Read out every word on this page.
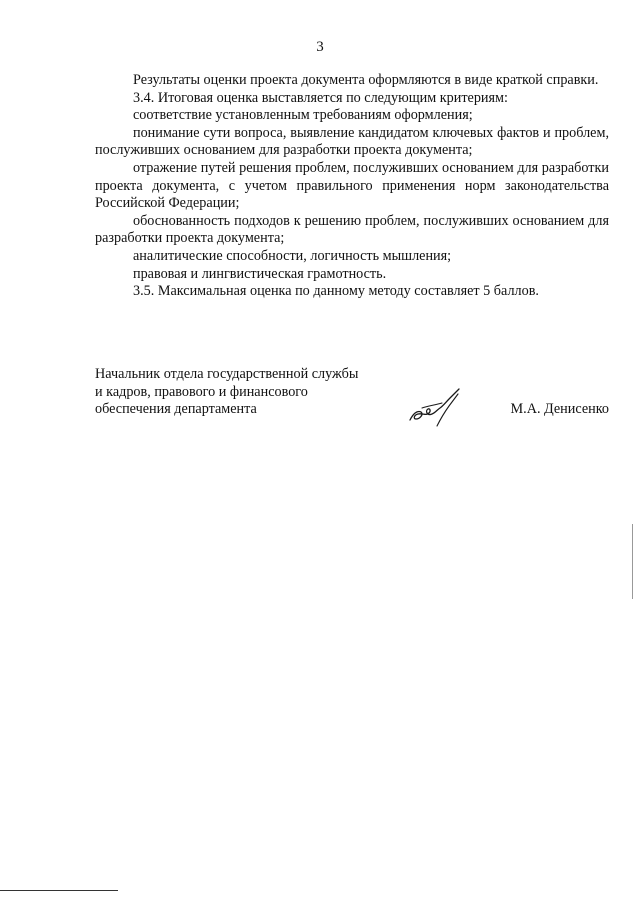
3

Результаты оценки проекта документа оформляются в виде краткой справки.

3.4. Итоговая оценка выставляется по следующим критериям:

соответствие установленным требованиям оформления;

понимание сути вопроса, выявление кандидатом ключевых фактов и проблем, послуживших основанием для разработки проекта документа;

отражение путей решения проблем, послуживших основанием для разработки проекта документа, с учетом правильного применения норм законодательства Российской Федерации;

обоснованность подходов к решению проблем, послуживших основанием для разработки проекта документа;

аналитические способности, логичность мышления;

правовая и лингвистическая грамотность.

3.5. Максимальная оценка по данному методу составляет 5 баллов.

Начальник отдела государственной службы
и кадров, правового и финансового
обеспечения департамента	М.А. Денисенко
